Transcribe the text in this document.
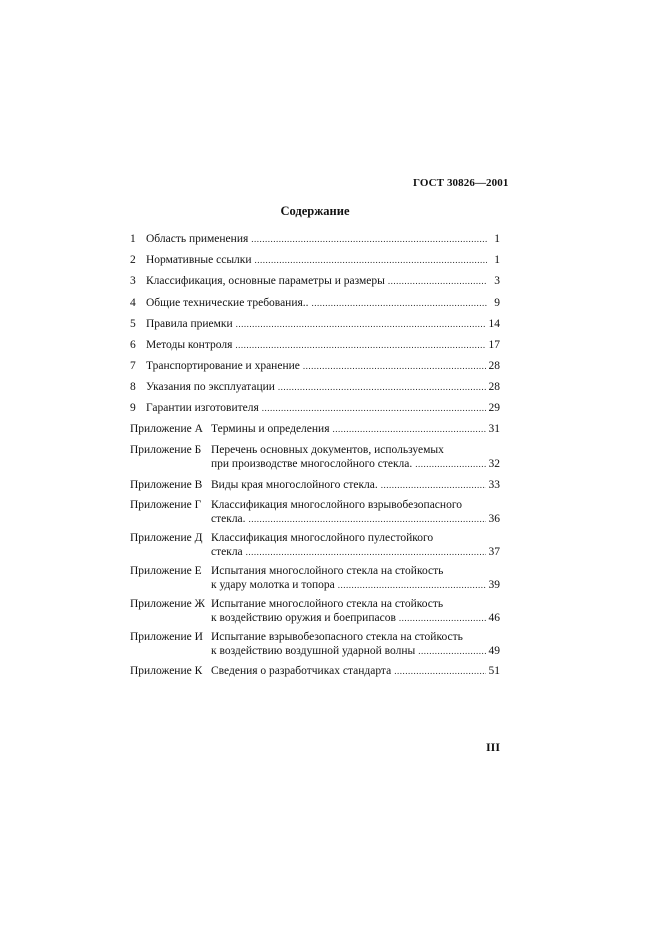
ГОСТ 30826—2001
Содержание
1 Область применения .....	1
2 Нормативные ссылки .....	1
3 Классификация, основные параметры и размеры .....	3
4 Общие технические требования.. .....	9
5 Правила приемки .....	14
6 Методы контроля .....	17
7 Транспортирование и хранение .....	28
8 Указания по эксплуатации .....	28
9 Гарантии изготовителя .....	29
Приложение А Термины и определения .....	31
Приложение Б Перечень основных документов, используемых
при производстве многослойного стекла. .....	32
Приложение В Виды края многослойного стекла. .....	33
Приложение Г Классификация многослойного взрывобезопасного
стекла. .....	36
Приложение Д Классификация многослойного пулестойкого
стекла .....	37
Приложение Е Испытания многослойного стекла на стойкость
к удару молотка и топора .....	39
Приложение Ж Испытание многослойного стекла на стойкость
к воздействию оружия и боеприпасов .....	46
Приложение И Испытание взрывобезопасного стекла на стойкость
к воздействию воздушной ударной волны .....	49
Приложение К Сведения о разработчиках стандарта .....	51
III
